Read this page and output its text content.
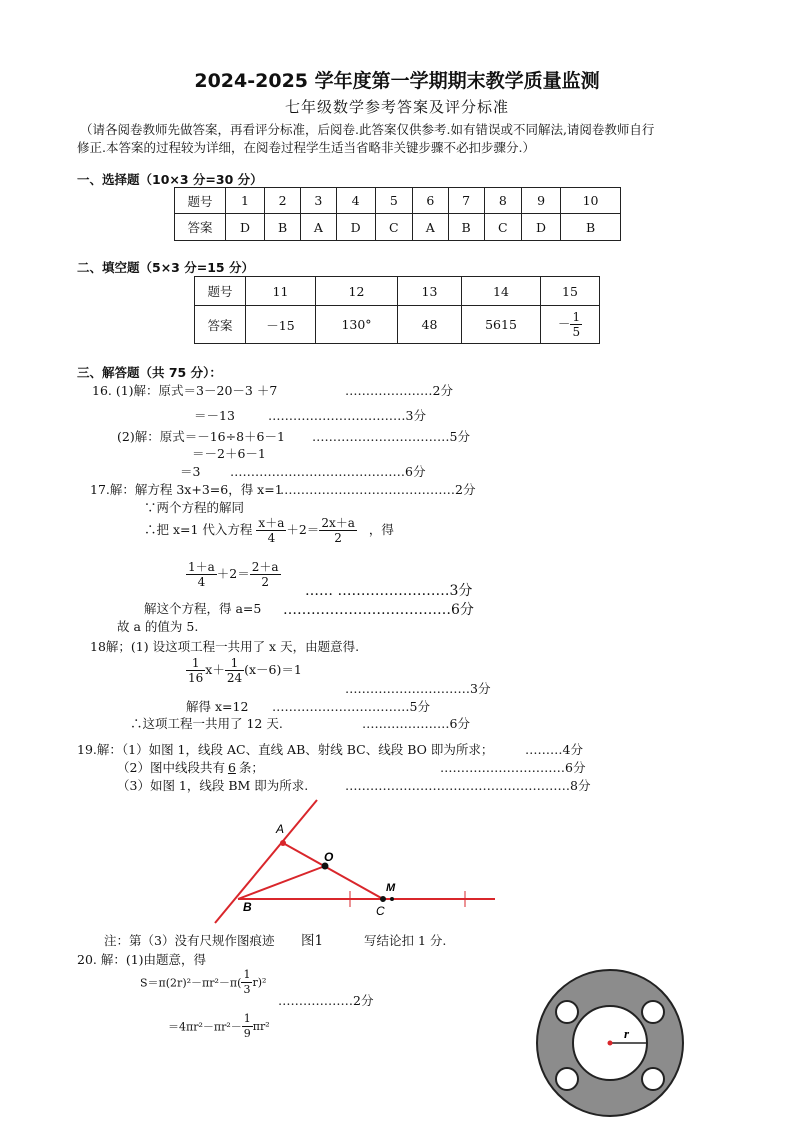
2024-2025 学年度第一学期期末教学质量监测
七年级数学参考答案及评分标准
（请各阅卷教师先做答案，再看评分标准，后阅卷.此答案仅供参考.如有错误或不同解法,请阅卷教师自行
修正.本答案的过程较为详细，在阅卷过程学生适当省略非关键步骤不必扣步骤分.）
一、选择题（10×3 分=30 分）
题号	1	2	3	4	5	6	7	8	9	10
答案	D	B	A	D	C	A	B	C	D	B
二、填空题（5×3 分=15 分）
题号	11	12	13	14	15
答案	－15	130°	48	5615	－ $\frac{1}{5}$
三、解答题（共 75 分）：
16. (1)解：原式＝3－20－3 ＋7	…………………2分
＝－13	……………………………3分
(2)解：原式＝－16÷8＋6－1 ……………………………5分
＝－2＋6－1
＝3 ……………………………………6分
17.解：解方程 3x+3=6，得 x=1
……………………………………2分
∵两个方程的解同
∴把 x=1 代入方程 $\frac{x+a}{4} +2= \frac{2x+a}{2}$ ，得
$\frac{1+a}{4} +2= \frac{2+a}{2}$
…… ……………………3分
解这个方程，得 a=5 ………………………………6分
故 a 的值为 5.
18解；(1) 设这项工程一共用了 x 天，由题意得.
$\frac{1}{16} x+ \frac{1}{24} (x-6)=1$
…………………………3分
解得 x=12 ……………………………5分
∴这项工程一共用了 12 天.	…………………6分
19.解：（1）如图 1，线段 AC、直线 AB、射线 BC、线段 BO 即为所求；	………4分
（2）图中线段共有 6 条；	…………………………6分
（3）如图 1，线段 BM 即为所求.	………………………………………………8分
A
O
M
B	C
注：第（3）没有尺规作图痕迹 图1	写结论扣 1 分.
20. 解：(1)由题意，得
$S=\pi(2r)^2-\pi r^2-\pi( \frac{1}{3} r)^2$
………………2分
$=4\pi r^2-\pi r^2- \frac{1}{9} \pi r^2$	r
